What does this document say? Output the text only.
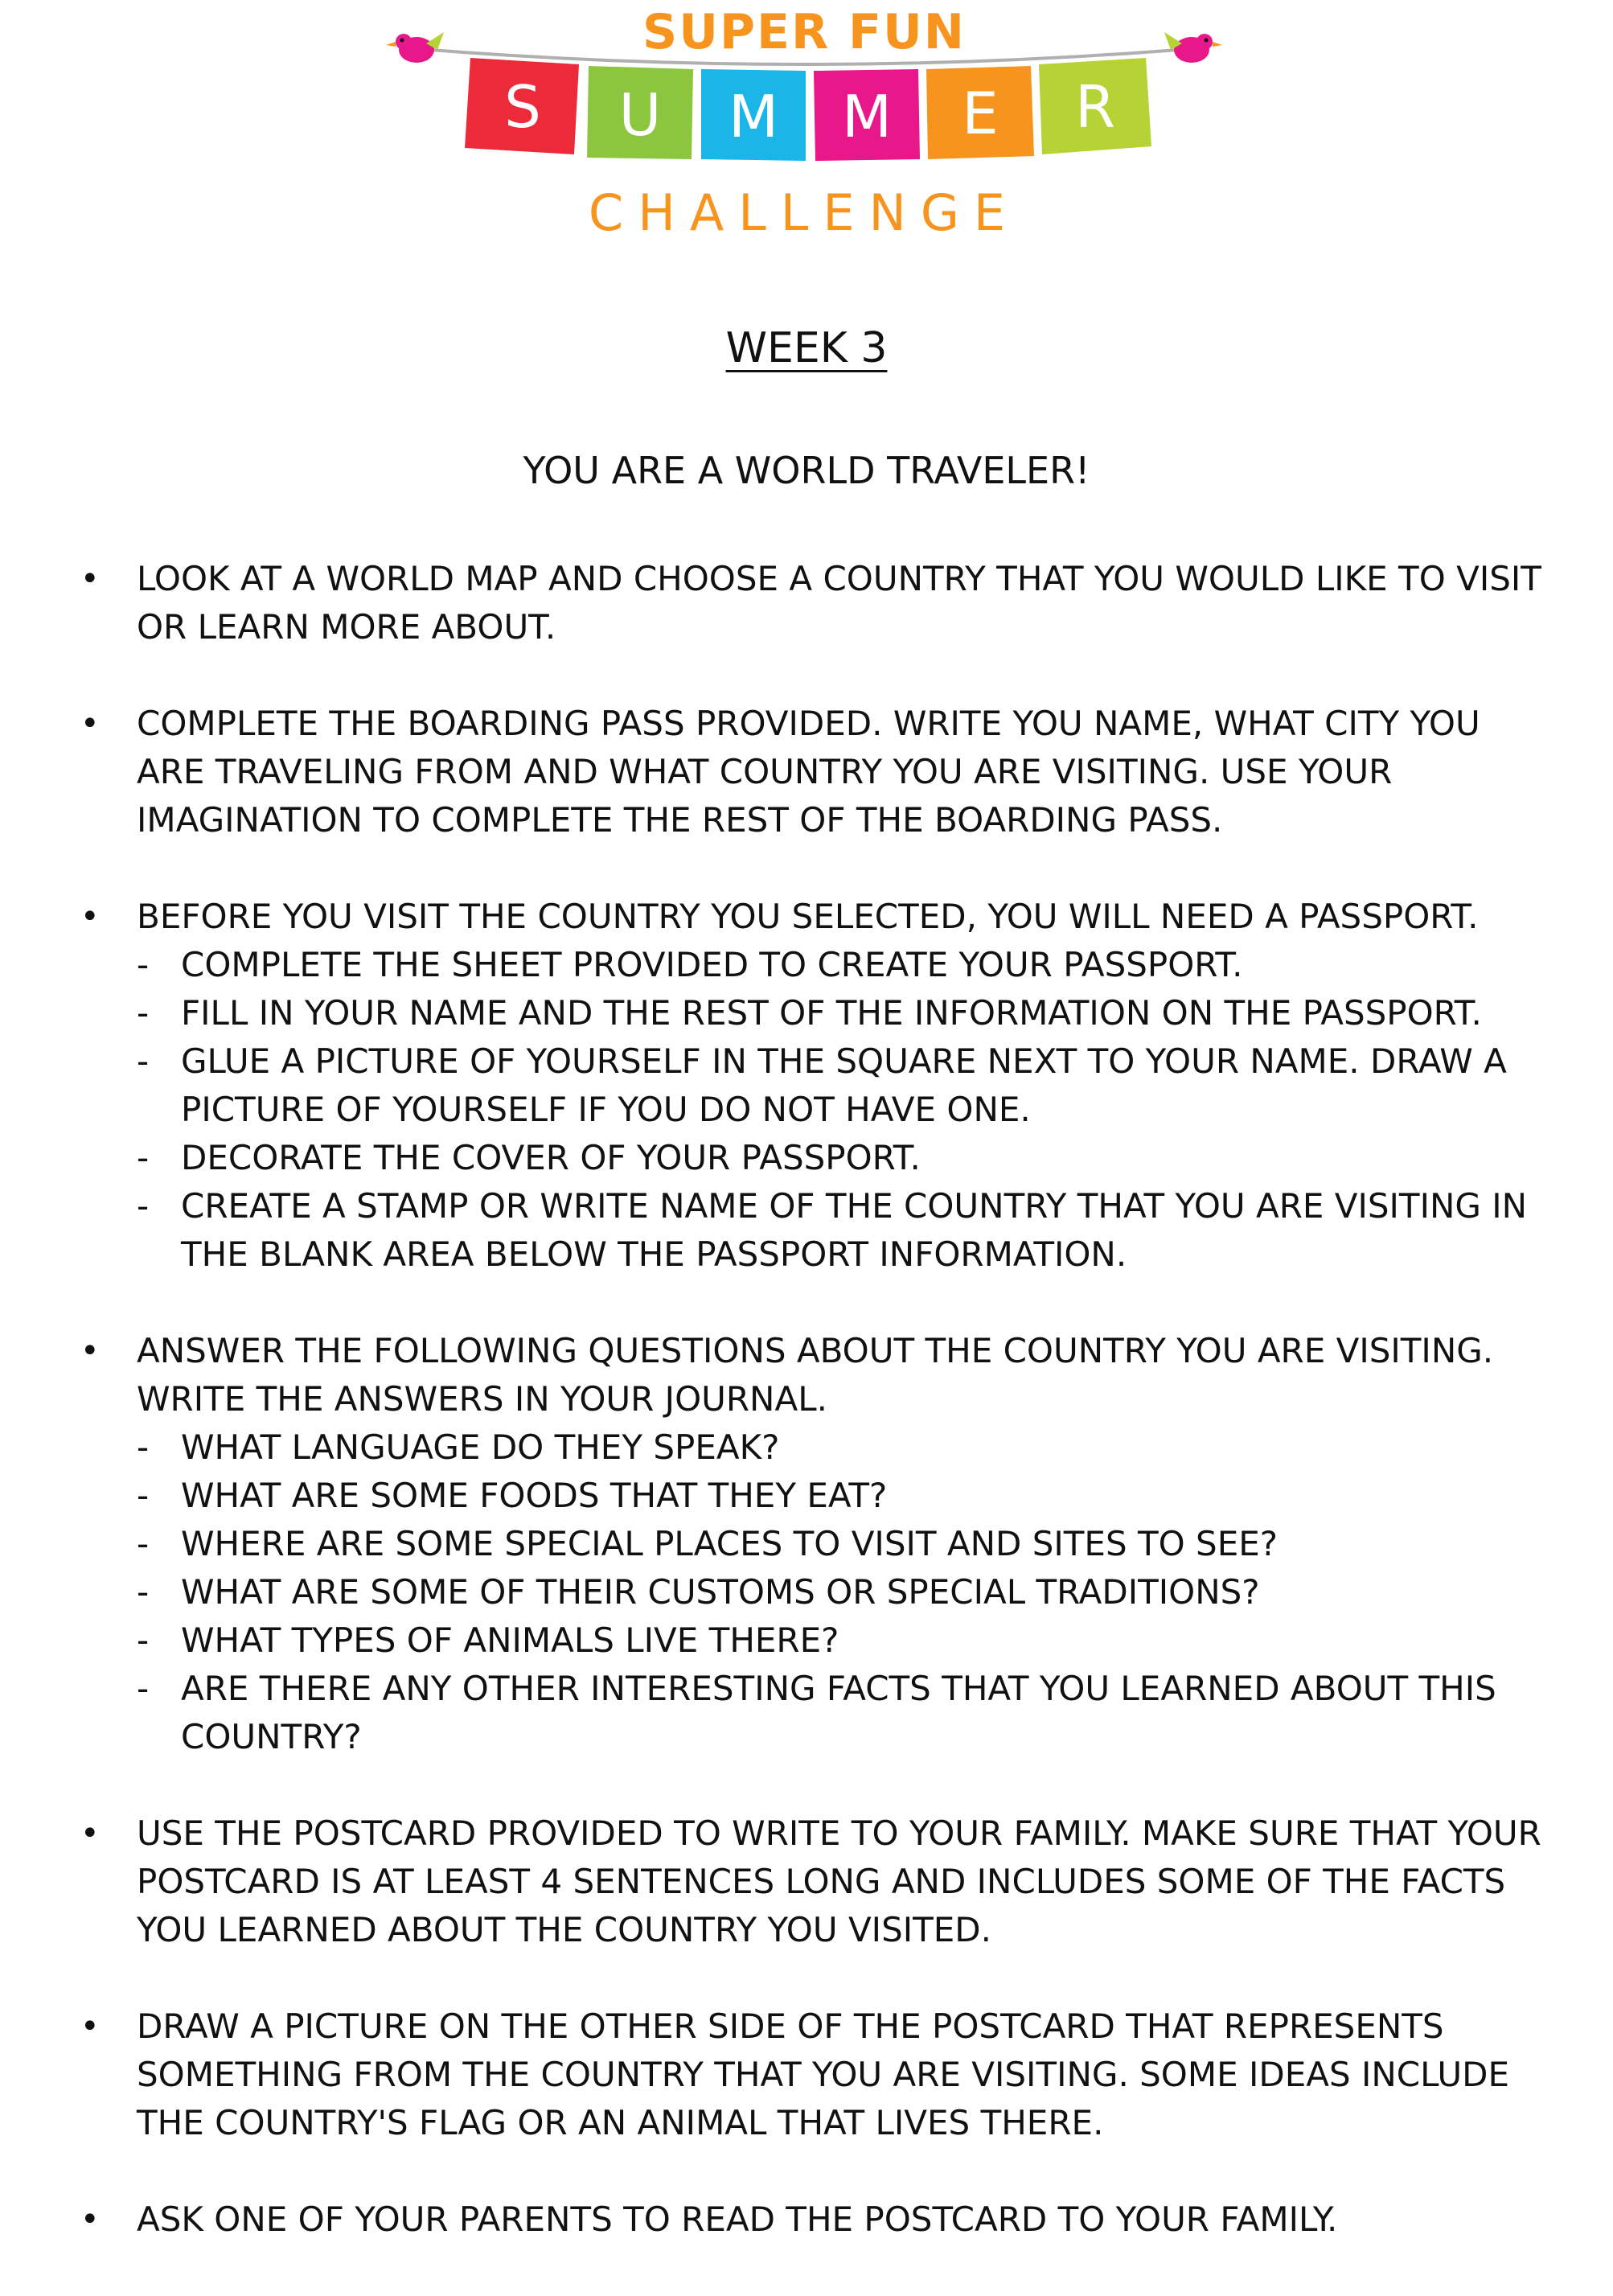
SUPER FUN
S U M M E R
CHALLENGE
WEEK 3
YOU ARE A WORLD TRAVELER!
• LOOK AT A WORLD MAP AND CHOOSE A COUNTRY THAT YOU WOULD LIKE TO VISIT OR LEARN MORE ABOUT.
• COMPLETE THE BOARDING PASS PROVIDED. WRITE YOU NAME, WHAT CITY YOU ARE TRAVELING FROM AND WHAT COUNTRY YOU ARE VISITING. USE YOUR IMAGINATION TO COMPLETE THE REST OF THE BOARDING PASS.
• BEFORE YOU VISIT THE COUNTRY YOU SELECTED, YOU WILL NEED A PASSPORT.
- COMPLETE THE SHEET PROVIDED TO CREATE YOUR PASSPORT.
- FILL IN YOUR NAME AND THE REST OF THE INFORMATION ON THE PASSPORT.
- GLUE A PICTURE OF YOURSELF IN THE SQUARE NEXT TO YOUR NAME. DRAW A PICTURE OF YOURSELF IF YOU DO NOT HAVE ONE.
- DECORATE THE COVER OF YOUR PASSPORT.
- CREATE A STAMP OR WRITE NAME OF THE COUNTRY THAT YOU ARE VISITING IN THE BLANK AREA BELOW THE PASSPORT INFORMATION.
• ANSWER THE FOLLOWING QUESTIONS ABOUT THE COUNTRY YOU ARE VISITING. WRITE THE ANSWERS IN YOUR JOURNAL.
- WHAT LANGUAGE DO THEY SPEAK?
- WHAT ARE SOME FOODS THAT THEY EAT?
- WHERE ARE SOME SPECIAL PLACES TO VISIT AND SITES TO SEE?
- WHAT ARE SOME OF THEIR CUSTOMS OR SPECIAL TRADITIONS?
- WHAT TYPES OF ANIMALS LIVE THERE?
- ARE THERE ANY OTHER INTERESTING FACTS THAT YOU LEARNED ABOUT THIS COUNTRY?
• USE THE POSTCARD PROVIDED TO WRITE TO YOUR FAMILY. MAKE SURE THAT YOUR POSTCARD IS AT LEAST 4 SENTENCES LONG AND INCLUDES SOME OF THE FACTS YOU LEARNED ABOUT THE COUNTRY YOU VISITED.
• DRAW A PICTURE ON THE OTHER SIDE OF THE POSTCARD THAT REPRESENTS SOMETHING FROM THE COUNTRY THAT YOU ARE VISITING. SOME IDEAS INCLUDE THE COUNTRY'S FLAG OR AN ANIMAL THAT LIVES THERE.
• ASK ONE OF YOUR PARENTS TO READ THE POSTCARD TO YOUR FAMILY.
